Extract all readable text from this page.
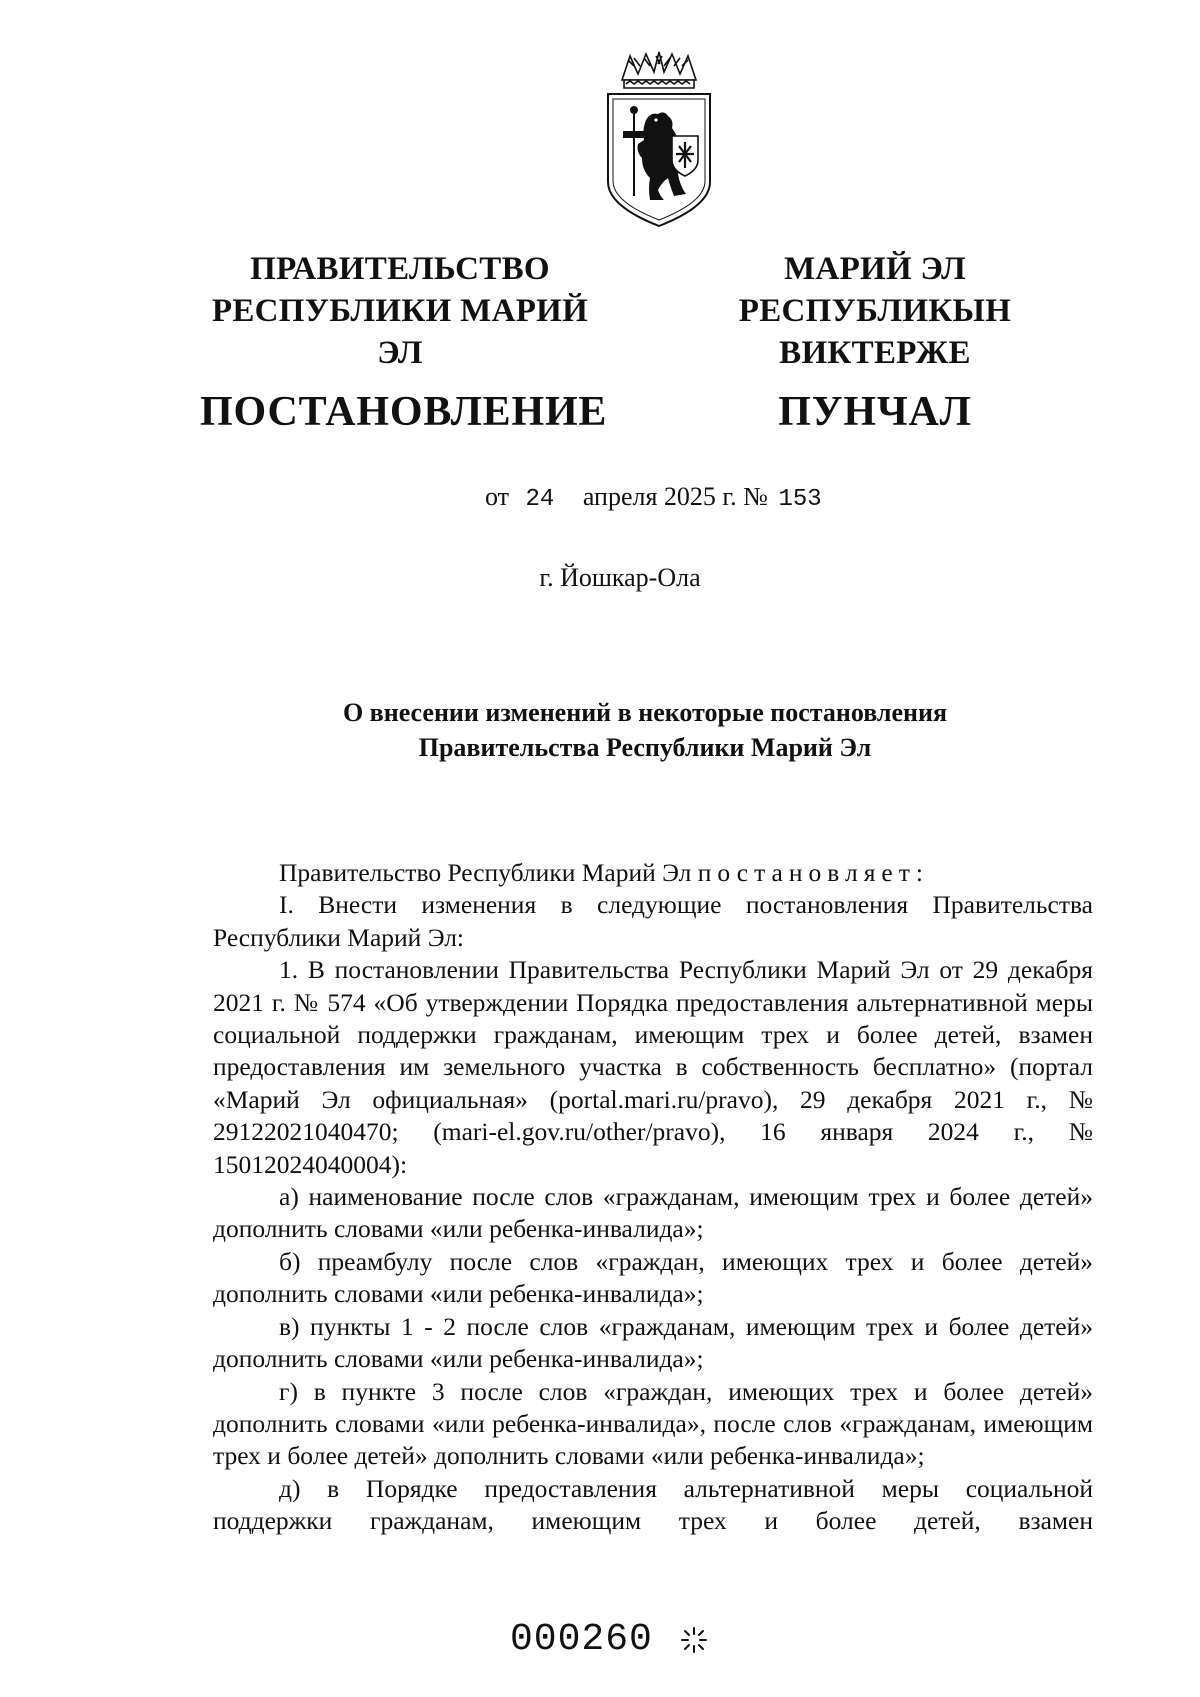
ПРАВИТЕЛЬСТВО
РЕСПУБЛИКИ МАРИЙ ЭЛ
ПОСТАНОВЛЕНИЕ
МАРИЙ ЭЛ РЕСПУБЛИКЫН
ВИКТЕРЖЕ
ПУНЧАЛ
от 24 апреля 2025 г. № 153
г. Йошкар-Ола
О внесении изменений в некоторые постановления
Правительства Республики Марий Эл

Правительство Республики Марий Эл постановляет:

I. Внести изменения в следующие постановления Правительства Республики Марий Эл:

1. В постановлении Правительства Республики Марий Эл от 29 декабря 2021 г. № 574 «Об утверждении Порядка предоставления альтернативной меры социальной поддержки гражданам, имеющим трех и более детей, взамен предоставления им земельного участка в собственность бесплатно» (портал «Марий Эл официальная» (portal.mari.ru/pravo), 29 декабря 2021 г., № 29122021040470; (mari-el.gov.ru/other/pravo), 16 января 2024 г., № 15012024040004):

а) наименование после слов «гражданам, имеющим трех и более детей» дополнить словами «или ребенка-инвалида»;

б) преамбулу после слов «граждан, имеющих трех и более детей» дополнить словами «или ребенка-инвалида»;

в) пункты 1 - 2 после слов «гражданам, имеющим трех и более детей» дополнить словами «или ребенка-инвалида»;

г) в пункте 3 после слов «граждан, имеющих трех и более детей» дополнить словами «или ребенка-инвалида», после слов «гражданам, имеющим трех и более детей» дополнить словами «или ребенка-инвалида»;

д) в Порядке предоставления альтернативной меры социальной поддержки гражданам, имеющим трех и более детей, взамен

000260
